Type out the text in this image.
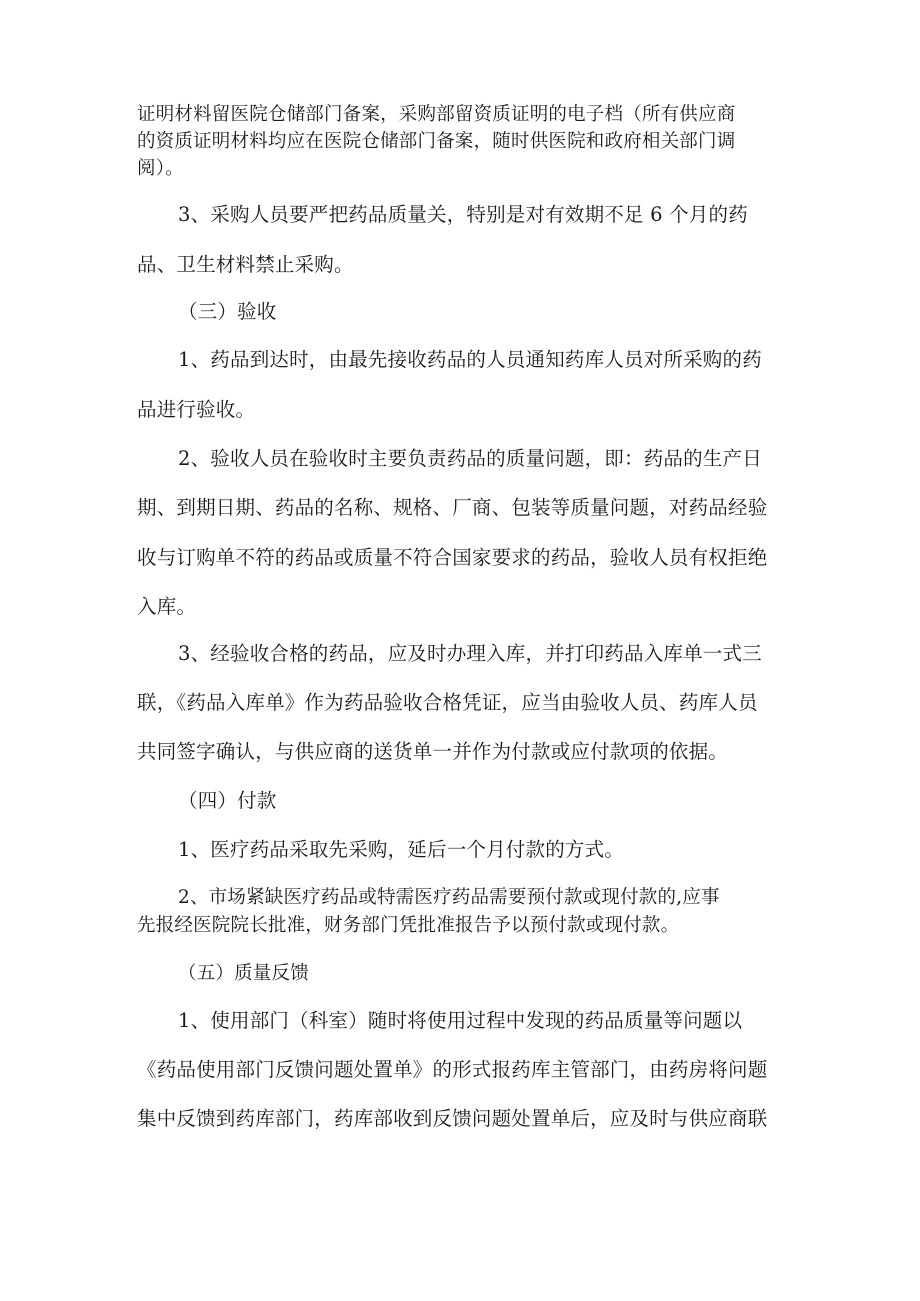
证明材料留医院仓储部门备案，采购部留资质证明的电子档（所有供应商
的资质证明材料均应在医院仓储部门备案，随时供医院和政府相关部门调
阅）。
3、采购人员要严把药品质量关，特别是对有效期不足 6 个月的药
品、卫生材料禁止采购。
（三）验收
1、药品到达时，由最先接收药品的人员通知药库人员对所采购的药
品进行验收。
2、验收人员在验收时主要负责药品的质量问题，即：药品的生产日
期、到期日期、药品的名称、规格、厂商、包装等质量问题，对药品经验
收与订购单不符的药品或质量不符合国家要求的药品，验收人员有权拒绝
入库。
3、经验收合格的药品，应及时办理入库，并打印药品入库单一式三
联，《药品入库单》作为药品验收合格凭证，应当由验收人员、药库人员
共同签字确认，与供应商的送货单一并作为付款或应付款项的依据。
（四）付款
1、医疗药品采取先采购，延后一个月付款的方式。
2、市场紧缺医疗药品或特需医疗药品需要预付款或现付款的,应事
先报经医院院长批准，财务部门凭批准报告予以预付款或现付款。
（五）质量反馈
1、使用部门（科室）随时将使用过程中发现的药品质量等问题以
《药品使用部门反馈问题处置单》的形式报药库主管部门，由药房将问题
集中反馈到药库部门，药库部收到反馈问题处置单后，应及时与供应商联
